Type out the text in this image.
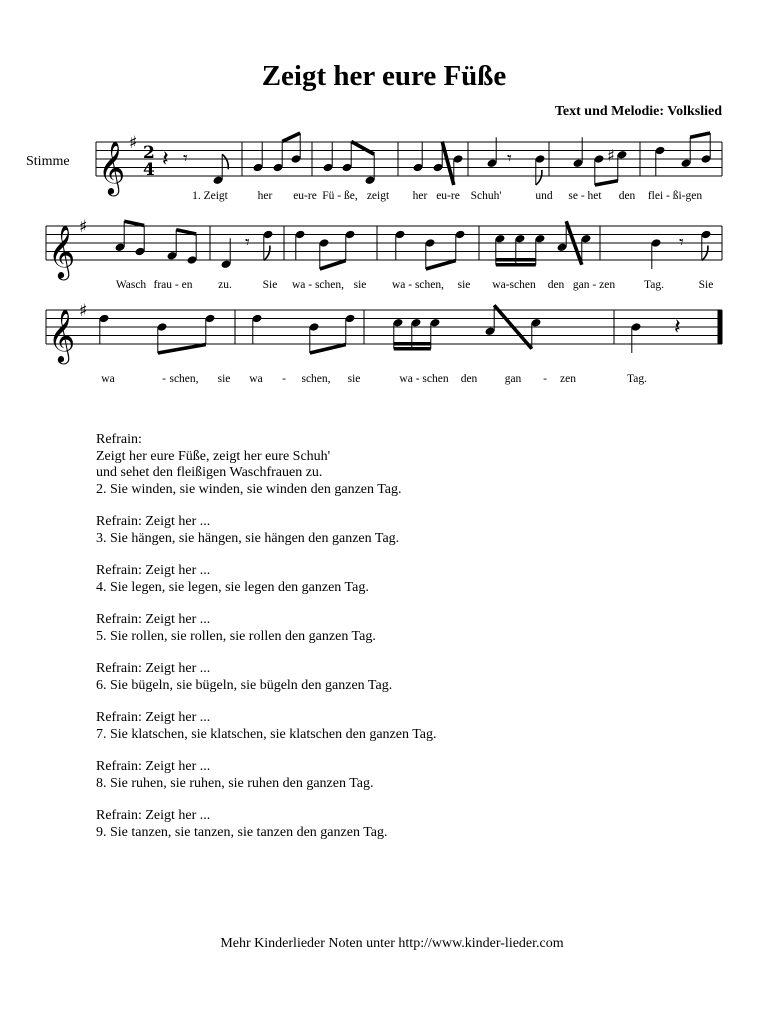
Zeigt her eure Füße
Text und Melodie: Volkslied
Stimme 𝄞 ♯ 2
4 𝄽 𝄾	𝄾	♯
𝄞 ♯
𝄾	𝄾
𝄞 ♯
𝄽
1. Zeigt	her eu-re Fü - ße, zeigt her eu-re Schuh'	und se - het den flei - ßi-gen
Wasch frau - en zu.	Sie wa - schen, sie wa - schen, sie wa-schen den gan - zen	Tag.	Sie
wa	- schen, sie wa - schen, sie	wa - schen den gan - zen	Tag.
Refrain:
Zeigt her eure Füße, zeigt her eure Schuh'
und sehet den fleißigen Waschfrauen zu.
2. Sie winden, sie winden, sie winden den ganzen Tag.
Refrain: Zeigt her ...
3. Sie hängen, sie hängen, sie hängen den ganzen Tag.
Refrain: Zeigt her ...
4. Sie legen, sie legen, sie legen den ganzen Tag.
Refrain: Zeigt her ...
5. Sie rollen, sie rollen, sie rollen den ganzen Tag.
Refrain: Zeigt her ...
6. Sie bügeln, sie bügeln, sie bügeln den ganzen Tag.
Refrain: Zeigt her ...
7. Sie klatschen, sie klatschen, sie klatschen den ganzen Tag.
Refrain: Zeigt her ...
8. Sie ruhen, sie ruhen, sie ruhen den ganzen Tag.
Refrain: Zeigt her ...
9. Sie tanzen, sie tanzen, sie tanzen den ganzen Tag.
Mehr Kinderlieder Noten unter http://www.kinder-lieder.com
